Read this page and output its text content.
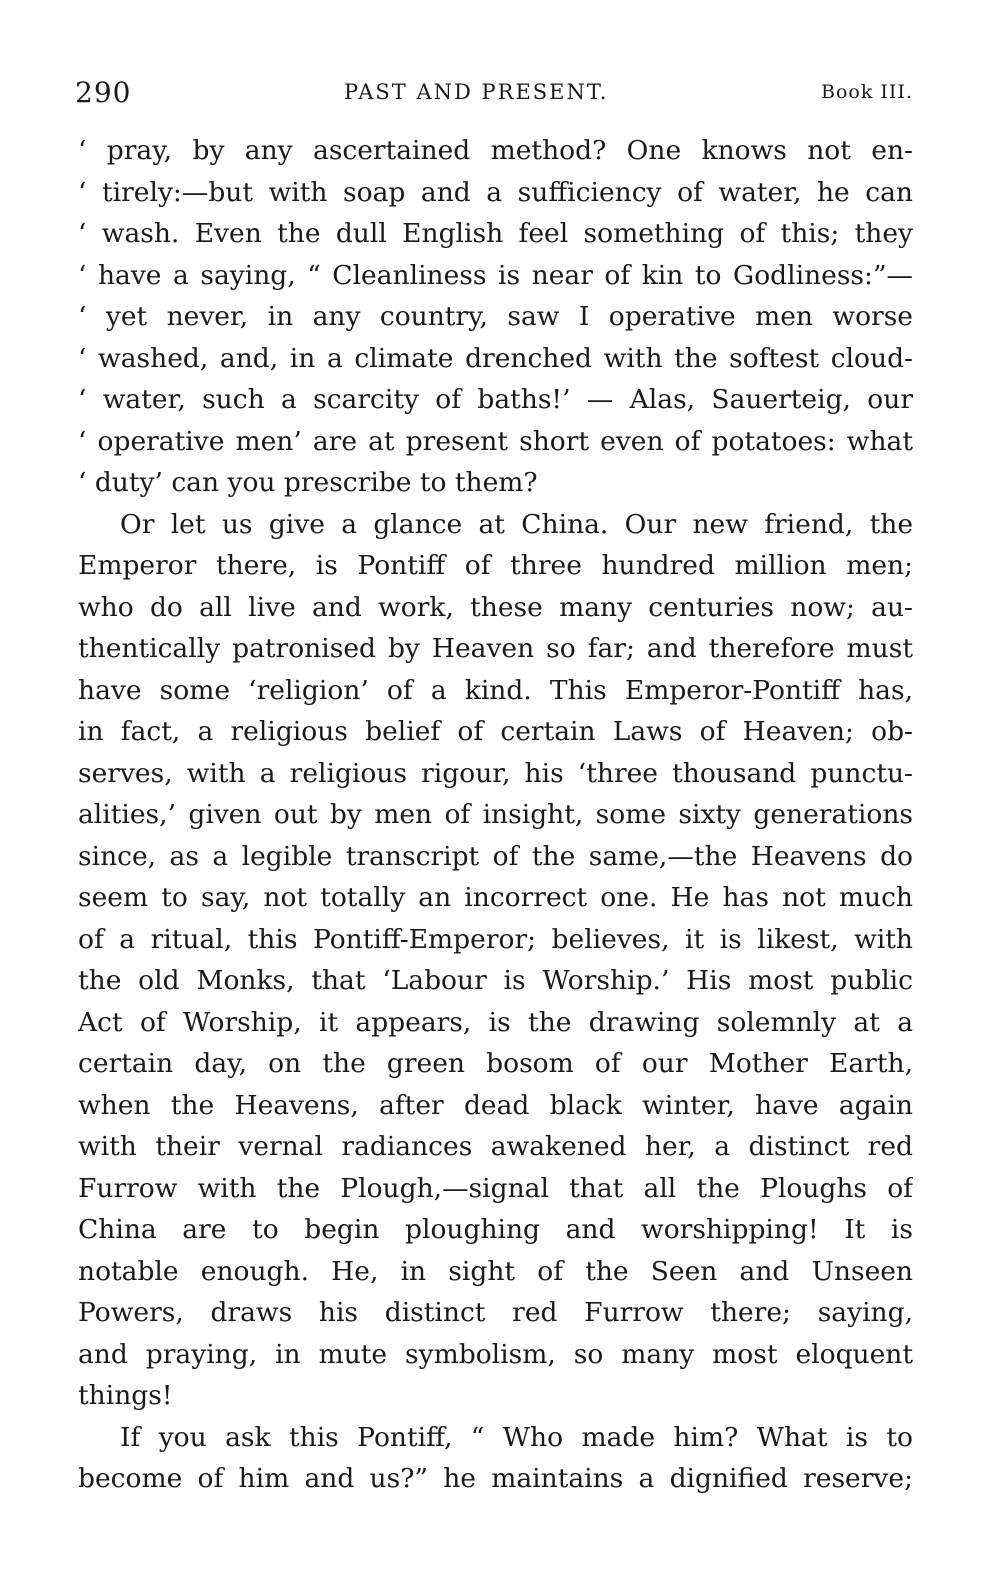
290	PAST AND PRESENT.	Book III.
‘ pray, by any ascertained method? One knows not en-
‘ tirely:—but with soap and a sufficiency of water, he can
‘ wash. Even the dull English feel something of this; they
‘ have a saying, “ Cleanliness is near of kin to Godliness:”—
‘ yet never, in any country, saw I operative men worse
‘ washed, and, in a climate drenched with the softest cloud-
‘ water, such a scarcity of baths!’ — Alas, Sauerteig, our
‘ operative men’ are at present short even of potatoes: what
‘ duty’ can you prescribe to them?
Or let us give a glance at China. Our new friend, the
Emperor there, is Pontiff of three hundred million men;
who do all live and work, these many centuries now; au-
thentically patronised by Heaven so far; and therefore must
have some ‘religion’ of a kind. This Emperor-Pontiff has,
in fact, a religious belief of certain Laws of Heaven; ob-
serves, with a religious rigour, his ‘three thousand punctu-
alities,’ given out by men of insight, some sixty generations
since, as a legible transcript of the same,—the Heavens do
seem to say, not totally an incorrect one. He has not much
of a ritual, this Pontiff-Emperor; believes, it is likest, with
the old Monks, that ‘Labour is Worship.’ His most public
Act of Worship, it appears, is the drawing solemnly at a
certain day, on the green bosom of our Mother Earth,
when the Heavens, after dead black winter, have again
with their vernal radiances awakened her, a distinct red
Furrow with the Plough,—signal that all the Ploughs of
China are to begin ploughing and worshipping! It is
notable enough. He, in sight of the Seen and Unseen
Powers, draws his distinct red Furrow there; saying,
and praying, in mute symbolism, so many most eloquent
things!
If you ask this Pontiff, “ Who made him? What is to
become of him and us?” he maintains a dignified reserve;
